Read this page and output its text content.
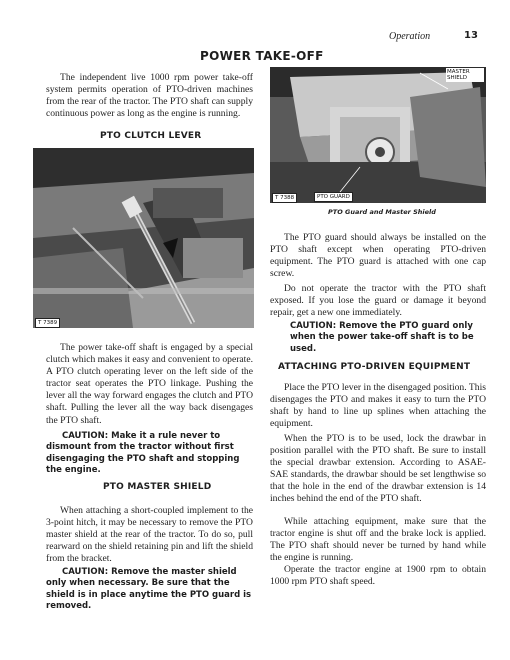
Operation	13
POWER TAKE-OFF

The independent live 1000 rpm power take-off system permits operation of PTO-driven machines from the rear of the tractor. The PTO shaft can supply continuous power as long as the engine is running.

PTO CLUTCH LEVER
T 7389

The power take-off shaft is engaged by a special clutch which makes it easy and convenient to operate. A PTO clutch operating lever on the left side of the tractor seat operates the PTO linkage. Pushing the lever all the way forward engages the clutch and PTO shaft. Pulling the lever all the way back disengages the PTO shaft.

CAUTION: Make it a rule never to dismount from the tractor without first disengaging the PTO shaft and stopping the engine.

PTO MASTER SHIELD

When attaching a short-coupled implement to the 3-point hitch, it may be necessary to remove the PTO master shield at the rear of the tractor. To do so, pull rearward on the shield retaining pin and lift the shield from the bracket.

CAUTION: Remove the master shield only when necessary. Be sure that the shield is in place anytime the PTO guard is removed.

T 7388
MASTER SHIELD
PTO GUARD
PTO Guard and Master Shield

The PTO guard should always be installed on the PTO shaft except when operating PTO-driven equipment. The PTO guard is attached with one cap screw.

Do not operate the tractor with the PTO shaft exposed. If you lose the guard or damage it beyond repair, get a new one immediately.

CAUTION: Remove the PTO guard only when the power take-off shaft is to be used.

ATTACHING PTO-DRIVEN EQUIPMENT

Place the PTO lever in the disengaged position. This disengages the PTO and makes it easy to turn the PTO shaft by hand to line up splines when attaching the equipment.

When the PTO is to be used, lock the drawbar in position parallel with the PTO shaft. Be sure to install the special drawbar extension. According to ASAE-SAE standards, the drawbar should be set lengthwise so that the hole in the end of the drawbar extension is 14 inches behind the end of the PTO shaft.

While attaching equipment, make sure that the tractor engine is shut off and the brake lock is applied. The PTO shaft should never be turned by hand while the engine is running.

Operate the tractor engine at 1900 rpm to obtain 1000 rpm PTO shaft speed.
